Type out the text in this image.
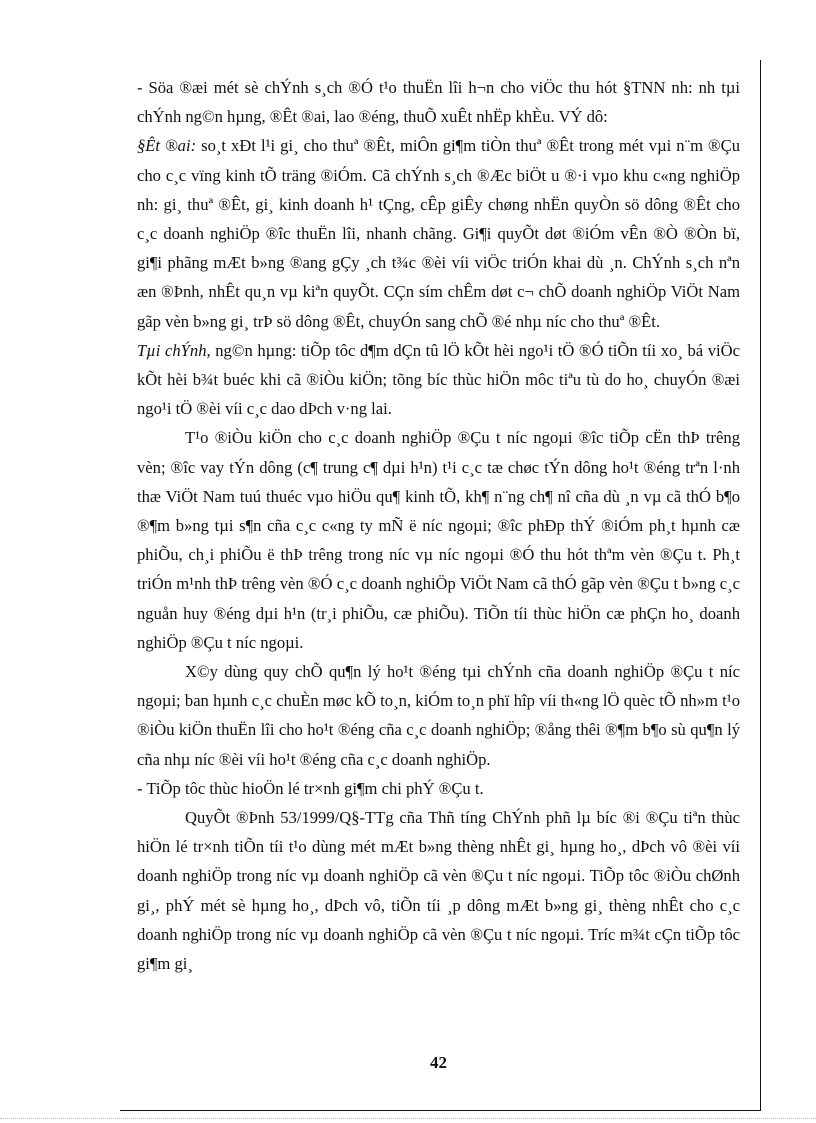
- Söa ®æi mét sè chÝnh s¸ch ®Ó t¹o thuËn lîi h¬n cho viÖc thu hót §TNN nh: nh tµi chÝnh ng©n hµng, ®Êt ®ai, lao ®éng, thuÕ xuÊt nhËp khÈu. VÝ dô:

§Êt ®ai: so¸t xÐt l¹i gi¸ cho thuª ®Êt, miÔn gi¶m tiÒn thuª ®Êt trong mét vµi n¨m ®Çu cho c¸c vïng kinh tÕ träng ®iÓm. Cã chÝnh s¸ch ®Æc biÖt u ®·i vµo khu c«ng nghiÖp nh: gi¸ thuª ®Êt, gi¸ kinh doanh h¹ tÇng, cÊp giÊy chøng nhËn quyÒn sö dông ®Êt cho c¸c doanh nghiÖp ®îc thuËn lîi, nhanh chãng. Gi¶i quyÕt døt ®iÓm vÊn ®Ò ®Òn bï, gi¶i phãng mÆt b»ng ®ang gÇy ¸ch t¾c ®èi víi viÖc triÓn khai dù ¸n. ChÝnh s¸ch nªn æn ®Þnh, nhÊt qu¸n vµ kiªn quyÕt. CÇn sím chÊm døt c¬ chÕ doanh nghiÖp ViÖt Nam gãp vèn b»ng gi¸ trÞ sö dông ®Êt, chuyÓn sang chÕ ®é nhµ níc cho thuª ®Êt.

Tµi chÝnh, ng©n hµng: tiÕp tôc d¶m dÇn tû lÖ kÕt hèi ngo¹i tÖ ®Ó tiÕn tíi xo¸ bá viÖc kÕt hèi b¾t buéc khi cã ®iÒu kiÖn; tõng bíc thùc hiÖn môc tiªu tù do ho¸ chuyÓn ®æi ngo¹i tÖ ®èi víi c¸c dao dÞch v·ng lai.

T¹o ®iÒu kiÖn cho c¸c doanh nghiÖp ®Çu t níc ngoµi ®îc tiÕp cËn thÞ trêng vèn; ®îc vay tÝn dông (c¶ trung c¶ dµi h¹n) t¹i c¸c tæ chøc tÝn dông ho¹t ®éng trªn l·nh thæ ViÖt Nam tuú thuéc vµo hiÖu qu¶ kinh tÕ, kh¶ n¨ng ch¶ nî cña dù ¸n vµ cã thÓ b¶o ®¶m b»ng tµi s¶n cña c¸c c«ng ty mÑ ë níc ngoµi; ®îc phÐp thÝ ®iÓm ph¸t hµnh cæ phiÕu, ch¸i phiÕu ë thÞ trêng trong níc vµ níc ngoµi ®Ó thu hót thªm vèn ®Çu t. Ph¸t triÓn m¹nh thÞ trêng vèn ®Ó c¸c doanh nghiÖp ViÖt Nam cã thÓ gãp vèn ®Çu t b»ng c¸c nguån huy ®éng dµi h¹n (tr¸i phiÕu, cæ phiÕu). TiÕn tíi thùc hiÖn cæ phÇn ho¸ doanh nghiÖp ®Çu t níc ngoµi.

X©y dùng quy chÕ qu¶n lý ho¹t ®éng tµi chÝnh cña doanh nghiÖp ®Çu t níc ngoµi; ban hµnh c¸c chuÈn møc kÕ to¸n, kiÓm to¸n phï hîp víi th«ng lÖ quèc tÕ nh»m t¹o ®iÒu kiÖn thuËn lîi cho ho¹t ®éng cña c¸c doanh nghiÖp; ®ång thêi ®¶m b¶o sù qu¶n lý cña nhµ níc ®èi víi ho¹t ®éng cña c¸c doanh nghiÖp.

- TiÕp tôc thùc hioÖn lé tr×nh gi¶m chi phÝ ®Çu t.

QuyÕt ®Þnh 53/1999/Q§-TTg cña Thñ tíng ChÝnh phñ lµ bíc ®i ®Çu tiªn thùc hiÖn lé tr×nh tiÕn tíi t¹o dùng mét mÆt b»ng thèng nhÊt gi¸ hµng ho¸, dÞch vô ®èi víi doanh nghiÖp trong níc vµ doanh nghiÖp cã vèn ®Çu t níc ngoµi. TiÕp tôc ®iÒu chØnh gi¸, phÝ mét sè hµng ho¸, dÞch vô, tiÕn tíi ¸p dông mÆt b»ng gi¸ thèng nhÊt cho c¸c doanh nghiÖp trong níc vµ doanh nghiÖp cã vèn ®Çu t níc ngoµi. Tríc m¾t cÇn tiÕp tôc gi¶m gi¸

42
